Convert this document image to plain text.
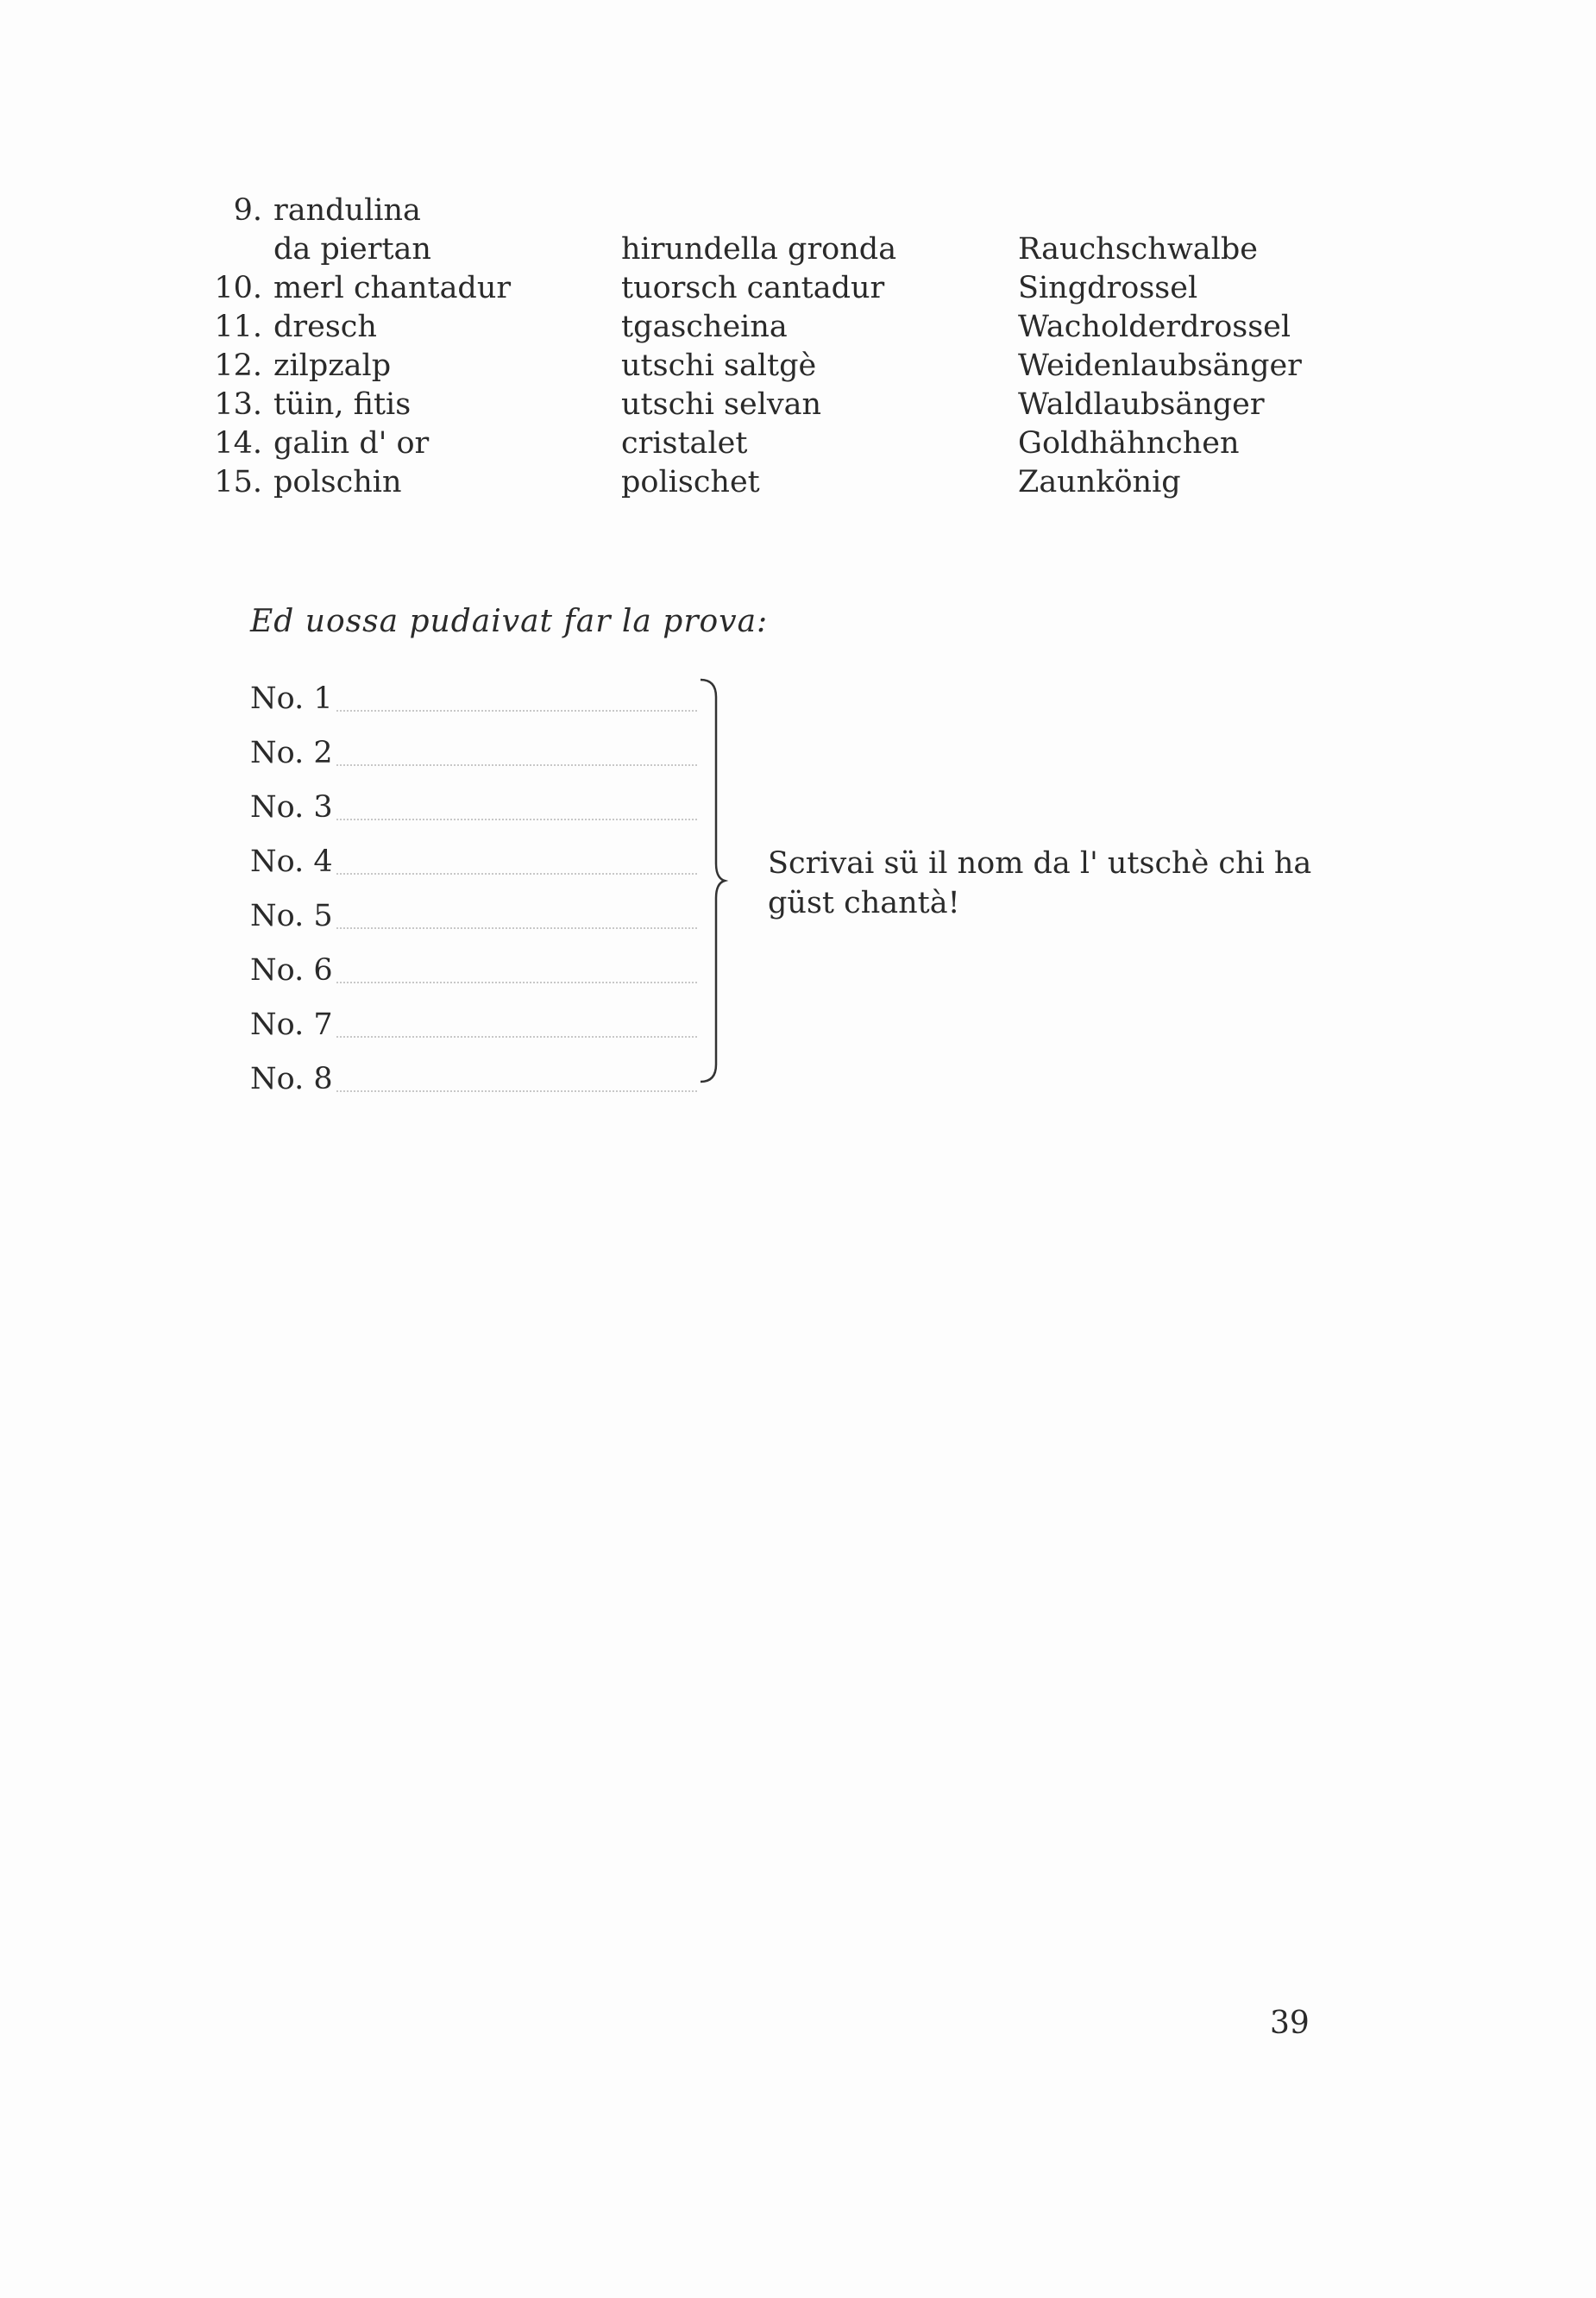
9. randulina
da piertan	hirundella gronda	Rauchschwalbe
10. merl chantadur	tuorsch cantadur	Singdrossel
11. dresch	tgascheina	Wacholderdrossel
12. zilpzalp	utschi saltgè	Weidenlaubsänger
13. tüin, fitis	utschi selvan	Waldlaubsänger
14. galin d' or	cristalet	Goldhähnchen
15. polschin	polischet	Zaunkönig
Ed uossa pudaivat far la prova:
No. 1
No. 2
No. 3
No. 4
No. 5
No. 6
No. 7
No. 8
Scrivai sü il nom da l' utschè chi ha güst chantà!
39
